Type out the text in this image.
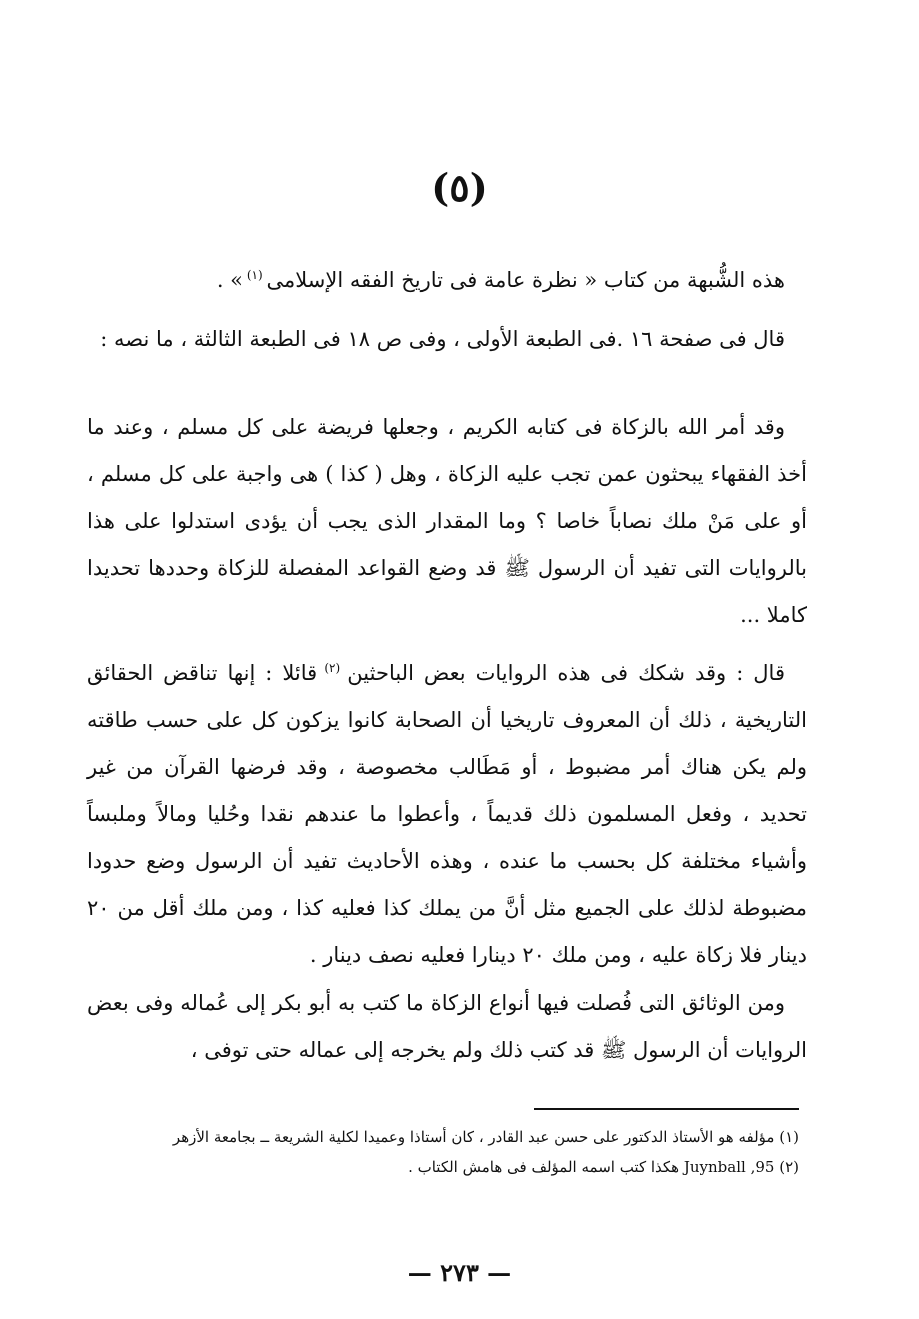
(٥)

هذه الشُّبهة من كتاب « نظرة عامة فى تاريخ الفقه الإسلامى $^{(١)}$ » .

قال فى صفحة ١٦ .فى الطبعة الأولى ، وفى ص ١٨ فى الطبعة الثالثة ، ما نصه :

وقد أمر الله بالزكاة فى كتابه الكريم ، وجعلها فريضة على كل مسلم ، وعند ما أخذ الفقهاء يبحثون عمن تجب عليه الزكاة ، وهل ( كذا ) هى واجبة على كل مسلم ، أو على مَنْ ملك نصاباً خاصا ؟ وما المقدار الذى يجب أن يؤدى استدلوا على هذا بالروايات التى تفيد أن الرسول ﷺ قد وضع القواعد المفصلة للزكاة وحددها تحديدا كاملا ...

قال : وقد شكك فى هذه الروايات بعض الباحثين $^{(٢)}$ قائلا : إنها تناقض الحقائق التاريخية ، ذلك أن المعروف تاريخيا أن الصحابة كانوا يزكون كل على حسب طاقته ولم يكن هناك أمر مضبوط ، أو مَطَالب مخصوصة ، وقد فرضها القرآن من غير تحديد ، وفعل المسلمون ذلك قديماً ، وأعطوا ما عندهم نقدا وحُليا ومالاً وملبساً وأشياء مختلفة كل بحسب ما عنده ، وهذه الأحاديث تفيد أن الرسول وضع حدودا مضبوطة لذلك على الجميع مثل أنَّ من يملك كذا فعليه كذا ، ومن ملك أقل من ٢٠ دينار فلا زكاة عليه ، ومن ملك ٢٠ دينارا فعليه نصف دينار .

ومن الوثائق التى فُصلت فيها أنواع الزكاة ما كتب به أبو بكر إلى عُماله وفى بعض الروايات أن الرسول ﷺ قد كتب ذلك ولم يخرجه إلى عماله حتى توفى ،

(١) مؤلفه هو الأستاذ الدكتور على حسن عبد القادر ، كان أستاذا وعميدا لكلية الشريعة ــ بجامعة الأزهر
(٢) Juynball ,95 هكذا كتب اسمه المؤلف فى هامش الكتاب .
— ٢٧٣ —
